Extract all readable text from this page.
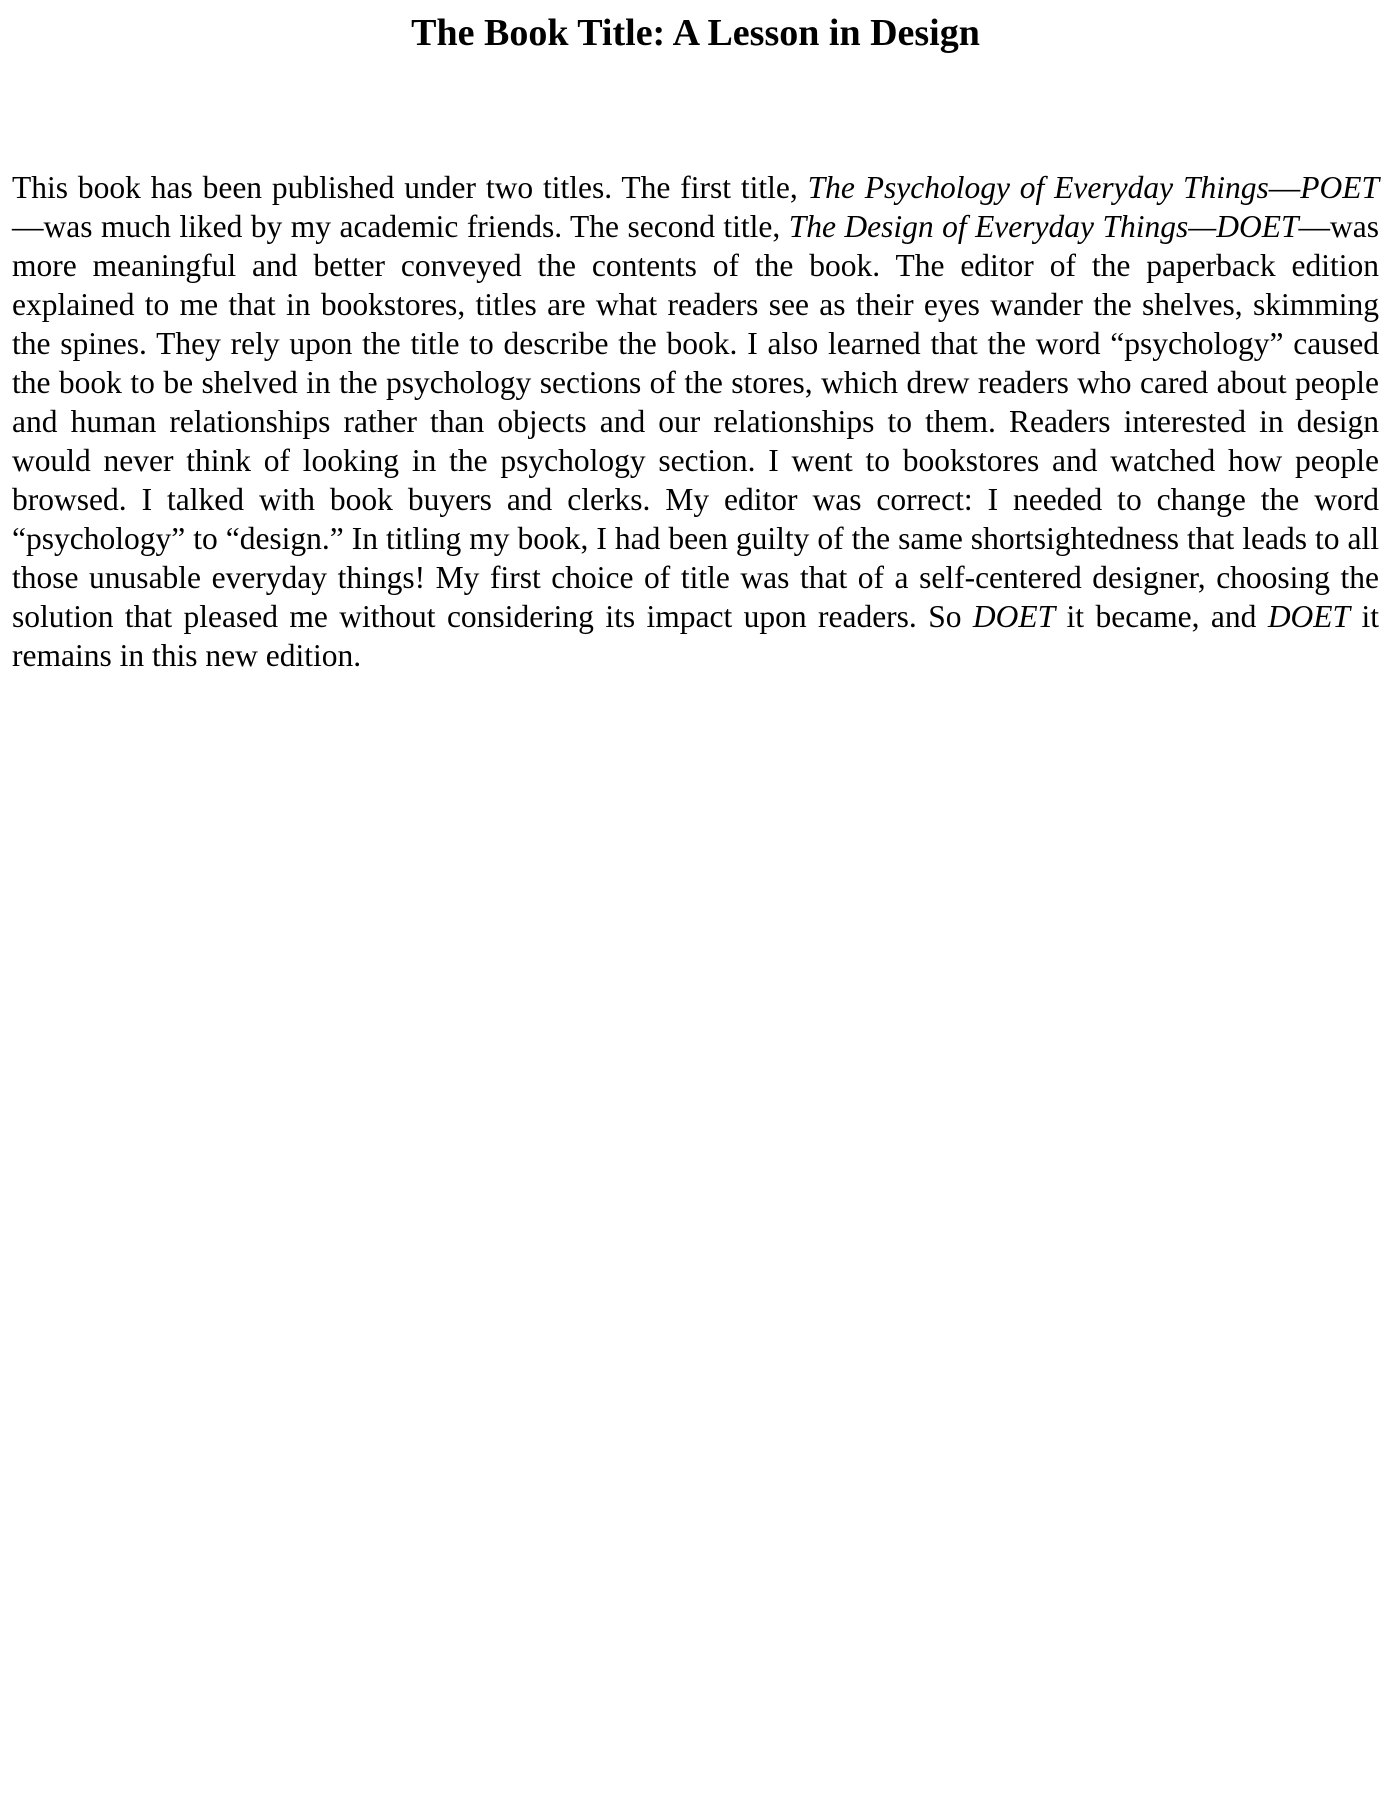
The Book Title: A Lesson in Design

This book has been published under two titles. The first title, The Psychology of Everyday Things—POET—was much liked by my academic friends. The second title, The Design of Everyday Things—DOET—was more meaningful and better conveyed the contents of the book. The editor of the paperback edition explained to me that in bookstores, titles are what readers see as their eyes wander the shelves, skimming the spines. They rely upon the title to describe the book. I also learned that the word “psychology” caused the book to be shelved in the psychology sections of the stores, which drew readers who cared about people and human relationships rather than objects and our relationships to them. Readers interested in design would never think of looking in the psychology section. I went to bookstores and watched how people browsed. I talked with book buyers and clerks. My editor was correct: I needed to change the word “psychology” to “design.” In titling my book, I had been guilty of the same shortsightedness that leads to all those unusable everyday things! My first choice of title was that of a self-centered designer, choosing the solution that pleased me without considering its impact upon readers. So DOET it became, and DOET it remains in this new edition.
